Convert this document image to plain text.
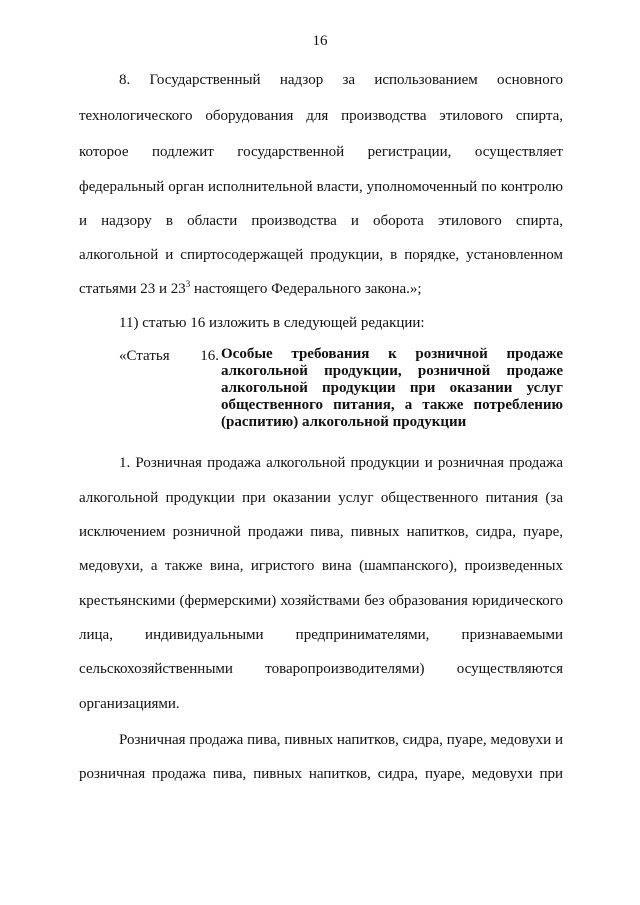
16
8. Государственный надзор за использованием основного
технологического оборудования для производства этилового спирта,
которое подлежит государственной регистрации, осуществляет
федеральный орган исполнительной власти, уполномоченный по контролю
и надзору в области производства и оборота этилового спирта,
алкогольной и спиртосодержащей продукции, в порядке, установленном
статьями 23 и $23^3$ настоящего Федерального закона.»;
11) статью 16 изложить в следующей редакции:
«Статья 16. Особые требования к розничной продаже
алкогольной продукции, розничной продаже
алкогольной продукции при оказании услуг
общественного питания, а также потреблению
(распитию) алкогольной продукции
1. Розничная продажа алкогольной продукции и розничная продажа
алкогольной продукции при оказании услуг общественного питания (за
исключением розничной продажи пива, пивных напитков, сидра, пуаре,
медовухи, а также вина, игристого вина (шампанского), произведенных
крестьянскими (фермерскими) хозяйствами без образования юридического
лица, индивидуальными предпринимателями, признаваемыми
сельскохозяйственными товаропроизводителями) осуществляются
организациями.
Розничная продажа пива, пивных напитков, сидра, пуаре, медовухи и
розничная продажа пива, пивных напитков, сидра, пуаре, медовухи при
